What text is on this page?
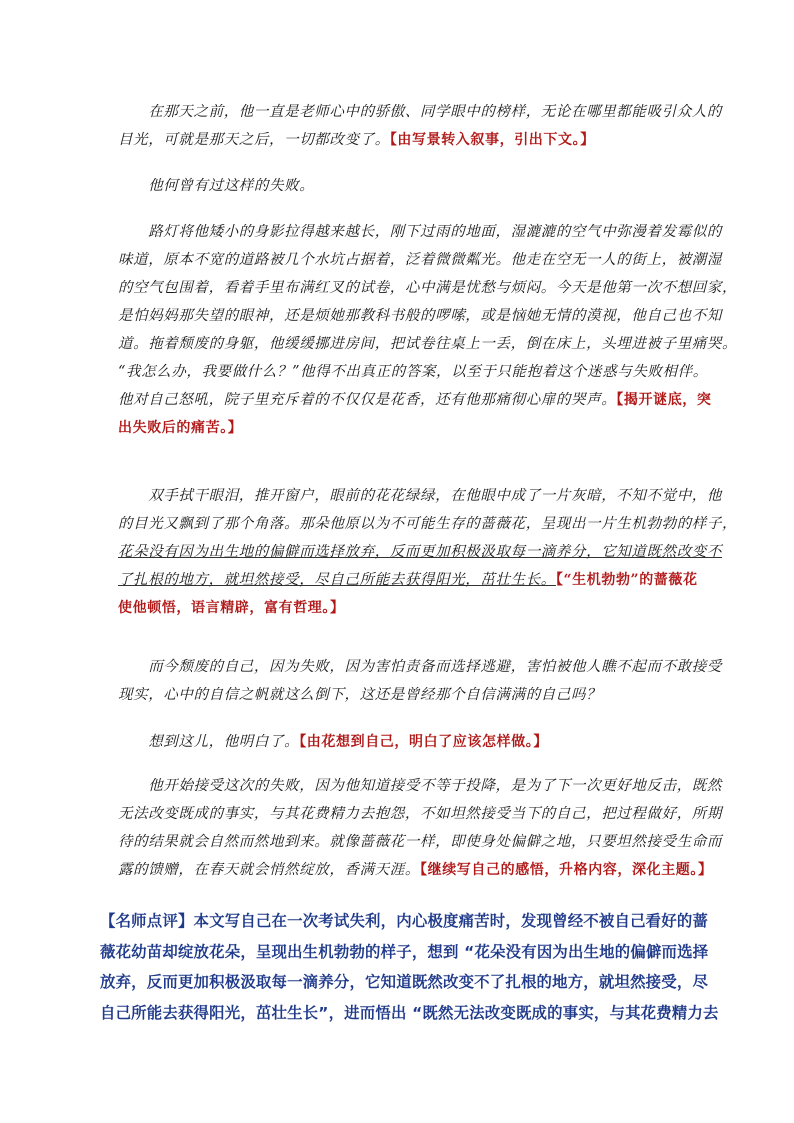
　　在那天之前，他一直是老师心中的骄傲、同学眼中的榜样，无论在哪里都能吸引众人的
目光，可就是那天之后，一切都改变了。【由写景转入叙事，引出下文。】
　　他何曾有过这样的失败。
　　路灯将他矮小的身影拉得越来越长，刚下过雨的地面，湿漉漉的空气中弥漫着发霉似的
味道，原本不宽的道路被几个水坑占据着，泛着微微粼光。他走在空无一人的街上，被潮湿
的空气包围着，看着手里布满红叉的试卷，心中满是忧愁与烦闷。今天是他第一次不想回家，
是怕妈妈那失望的眼神，还是烦她那教科书般的啰嗦，或是恼她无情的漠视，他自己也不知
道。拖着颓废的身躯，他缓缓挪进房间，把试卷往桌上一丢，倒在床上，头埋进被子里痛哭。
“我怎么办，我要做什么？”他得不出真正的答案，以至于只能抱着这个迷惑与失败相伴。
他对自己怒吼，院子里充斥着的不仅仅是花香，还有他那痛彻心扉的哭声。【揭开谜底，突
出失败后的痛苦。】
　　双手拭干眼泪，推开窗户，眼前的花花绿绿，在他眼中成了一片灰暗，不知不觉中，他
的目光又飘到了那个角落。那朵他原以为不可能生存的蔷薇花，呈现出一片生机勃勃的样子，
花朵没有因为出生地的偏僻而选择放弃，反而更加积极汲取每一滴养分，它知道既然改变不
了扎根的地方，就坦然接受，尽自己所能去获得阳光，茁壮生长。【“生机勃勃”的蔷薇花
使他顿悟，语言精辟，富有哲理。】
　　而今颓废的自己，因为失败，因为害怕责备而选择逃避，害怕被他人瞧不起而不敢接受
现实，心中的自信之帆就这么倒下，这还是曾经那个自信满满的自己吗？
　　想到这儿，他明白了。【由花想到自己，明白了应该怎样做。】
　　他开始接受这次的失败，因为他知道接受不等于投降，是为了下一次更好地反击，既然
无法改变既成的事实，与其花费精力去抱怨，不如坦然接受当下的自己，把过程做好，所期
待的结果就会自然而然地到来。就像蔷薇花一样，即使身处偏僻之地，只要坦然接受生命而
露的馈赠，在春天就会悄然绽放，香满天涯。【继续写自己的感悟，升格内容，深化主题。】
【名师点评】本文写自己在一次考试失利，内心极度痛苦时，发现曾经不被自己看好的蔷
薇花幼苗却绽放花朵，呈现出生机勃勃的样子，想到 “花朵没有因为出生地的偏僻而选择
放弃，反而更加积极汲取每一滴养分，它知道既然改变不了扎根的地方，就坦然接受，尽
自己所能去获得阳光，茁壮生长”，进而悟出 “既然无法改变既成的事实，与其花费精力去
